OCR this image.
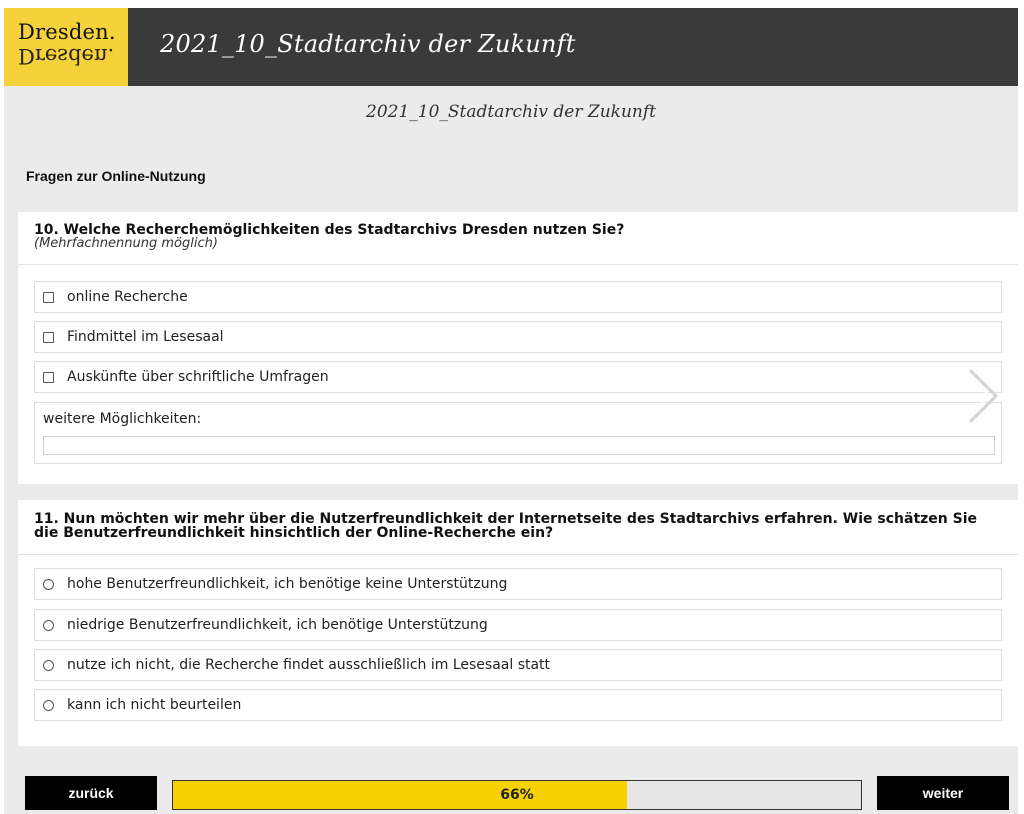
Dresden.
Dresden. 2021_10_Stadtarchiv der Zukunft
2021_10_Stadtarchiv der Zukunft
Fragen zur Online-Nutzung
10. Welche Recherchemöglichkeiten des Stadtarchivs Dresden nutzen Sie?
(Mehrfachnennung möglich)
online Recherche
Findmittel im Lesesaal
Auskünfte über schriftliche Umfragen
weitere Möglichkeiten:
11. Nun möchten wir mehr über die Nutzerfreundlichkeit der Internetseite des Stadtarchivs erfahren. Wie schätzen Sie die Benutzerfreundlichkeit hinsichtlich der Online-Recherche ein?
hohe Benutzerfreundlichkeit, ich benötige keine Unterstützung
niedrige Benutzerfreundlichkeit, ich benötige Unterstützung
nutze ich nicht, die Recherche findet ausschließlich im Lesesaal statt
kann ich nicht beurteilen
zurück	66%	weiter
